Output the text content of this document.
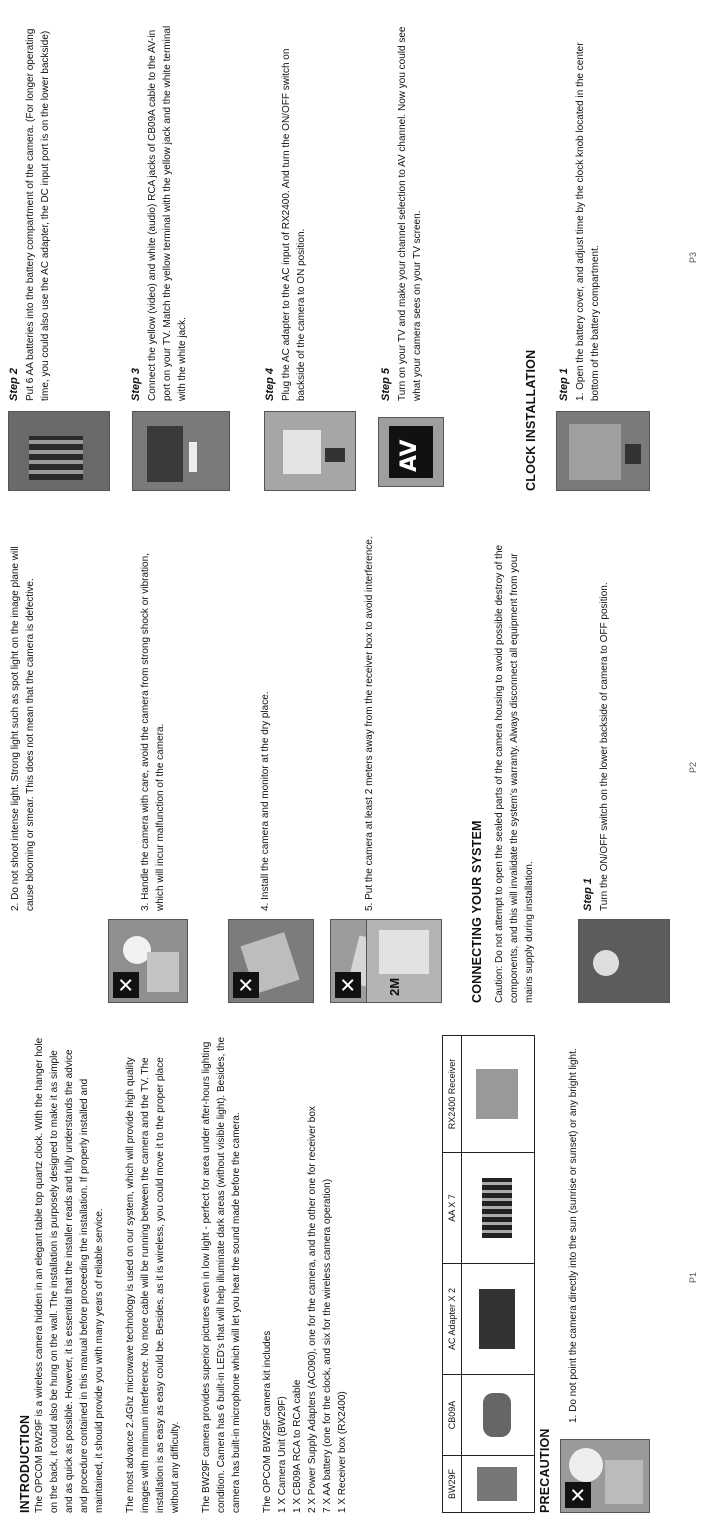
INTRODUCTION The OPCOM BW29F is a wireless camera hidden in an elegant table top quartz clock. With the hanger hole on the back, it could also be hung on the wall. The installation is purposely designed to make it as simple and as quick as possible. However, it is essential that the installer reads and fully understands the advice and procedure contained in this manual before proceeding the installation. If properly installed and maintained, it should provide you with many years of reliable service. The most advance 2.4Ghz microwave technology is used on our system, which will provide high quality images with minimum interference. No more cable will be running between the camera and the TV. The installation is as easy as easy could be. Besides, as it is wireless, you could move it to the proper place without any difficulty. The BW29F camera provides superior pictures even in low light - perfect for area under after-hours lighting condition. Camera has 6 built-in LED's that will help illuminate dark areas (without visible light). Besides, the camera has built-in microphone which will let you hear the sound made before the camera. The OPCOM BW29F camera kit includes 1 X Camera Unit (BW29F) 1 X CB09A RCA to RCA cable 2 X Power Supply Adapters (AC090), one for the camera, and the other one for receiver box 7 X AA battery (one for the clock, and six for the wireless camera operation) 1 X Receiver box (RX2400)	BW29F	CB09A	AC Adapter X 2	AA X 7	RX2400 Receiver

PRECAUTION ✕

1. Do not point the camera directly into the sun (sunrise or sunset) or any bright light.	P1
✕

2. Do not shoot intense light. Strong light such as spot light on the image plane will cause blooming or smear. This does not mean that the camera is defective.

✕

3. Handle the camera with care, avoid the camera from strong shock or vibration, which will incur malfunction of the camera.

✕

4. Install the camera and monitor at the dry place.

2M

5. Put the camera at least 2 meters away from the receiver box to avoid interference.

CONNECTING YOUR SYSTEM Caution: Do not attempt to open the sealed parts of the camera housing to avoid possible destroy of the components, and this will invalidate the system's warranty. Always disconnect all equipment from your mains supply during installation.	Step 1 Turn the ON/OFF switch on the lower backside of camera to OFF position.	P2

Step 2 Put 6 AA batteries into the battery compartment of the camera. (For longer operating time, you could also use the AC adapter, the DC input port is on the lower backside)	Step 3 Connect the yellow (video) and white (audio) RCA jacks of CB09A cable to the AV-in port on your TV. Match the yellow terminal with the yellow jack and the white terminal with the white jack.	Step 4 Plug the AC adapter to the AC input of RX2400. And turn the ON/OFF switch on backside of the camera to ON position.

AV

Step 5 Turn on your TV and make your channel selection to AV channel. Now you could see what your camera sees on your TV screen.

CLOCK INSTALLATION Step 1 1. Open the battery cover, and adjust time by the clock knob located in the center bottom of the battery compartment.	P3
